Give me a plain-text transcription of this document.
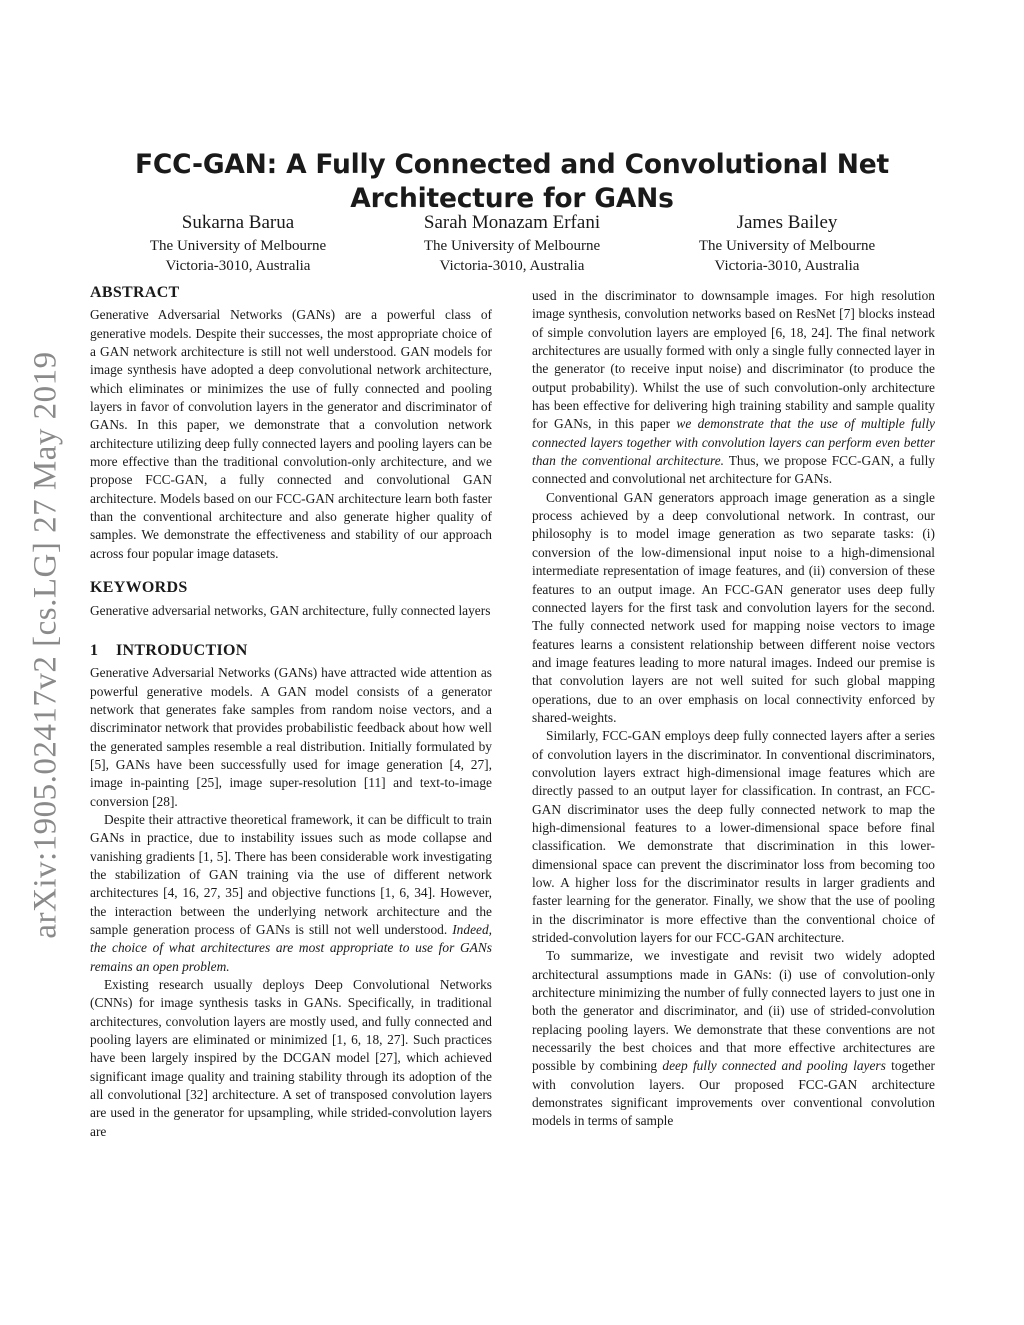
arXiv:1905.02417v2 [cs.LG] 27 May 2019
FCC-GAN: A Fully Connected and Convolutional Net Architecture for GANs
Sukarna Barua
The University of Melbourne
Victoria-3010, Australia
Sarah Monazam Erfani
The University of Melbourne
Victoria-3010, Australia
James Bailey
The University of Melbourne
Victoria-3010, Australia
ABSTRACT

Generative Adversarial Networks (GANs) are a powerful class of generative models. Despite their successes, the most appropriate choice of a GAN network architecture is still not well understood. GAN models for image synthesis have adopted a deep convolutional network architecture, which eliminates or minimizes the use of fully connected and pooling layers in favor of convolution layers in the generator and discriminator of GANs. In this paper, we demonstrate that a convolution network architecture utilizing deep fully connected layers and pooling layers can be more effective than the traditional convolution-only architecture, and we propose FCC-GAN, a fully connected and convolutional GAN architecture. Models based on our FCC-GAN architecture learn both faster than the conventional architecture and also generate higher quality of samples. We demonstrate the effectiveness and stability of our approach across four popular image datasets.

KEYWORDS

Generative adversarial networks, GAN architecture, fully connected layers

1 INTRODUCTION

Generative Adversarial Networks (GANs) have attracted wide attention as powerful generative models. A GAN model consists of a generator network that generates fake samples from random noise vectors, and a discriminator network that provides probabilistic feedback about how well the generated samples resemble a real distribution. Initially formulated by [5], GANs have been successfully used for image generation [4, 27], image in-painting [25], image super-resolution [11] and text-to-image conversion [28].

Despite their attractive theoretical framework, it can be difficult to train GANs in practice, due to instability issues such as mode collapse and vanishing gradients [1, 5]. There has been considerable work investigating the stabilization of GAN training via the use of different network architectures [4, 16, 27, 35] and objective functions [1, 6, 34]. However, the interaction between the underlying network architecture and the sample generation process of GANs is still not well understood. Indeed, the choice of what architectures are most appropriate to use for GANs remains an open problem.

Existing research usually deploys Deep Convolutional Networks (CNNs) for image synthesis tasks in GANs. Specifically, in traditional architectures, convolution layers are mostly used, and fully connected and pooling layers are eliminated or minimized [1, 6, 18, 27]. Such practices have been largely inspired by the DCGAN model [27], which achieved significant image quality and training stability through its adoption of the all convolutional [32] architecture. A set of transposed convolution layers are used in the generator for upsampling, while strided-convolution layers are

used in the discriminator to downsample images. For high resolution image synthesis, convolution networks based on ResNet [7] blocks instead of simple convolution layers are employed [6, 18, 24]. The final network architectures are usually formed with only a single fully connected layer in the generator (to receive input noise) and discriminator (to produce the output probability). Whilst the use of such convolution-only architecture has been effective for delivering high training stability and sample quality for GANs, in this paper we demonstrate that the use of multiple fully connected layers together with convolution layers can perform even better than the conventional architecture. Thus, we propose FCC-GAN, a fully connected and convolutional net architecture for GANs.

Conventional GAN generators approach image generation as a single process achieved by a deep convolutional network. In contrast, our philosophy is to model image generation as two separate tasks: (i) conversion of the low-dimensional input noise to a high-dimensional intermediate representation of image features, and (ii) conversion of these features to an output image. An FCC-GAN generator uses deep fully connected layers for the first task and convolution layers for the second. The fully connected network used for mapping noise vectors to image features learns a consistent relationship between different noise vectors and image features leading to more natural images. Indeed our premise is that convolution layers are not well suited for such global mapping operations, due to an over emphasis on local connectivity enforced by shared-weights.

Similarly, FCC-GAN employs deep fully connected layers after a series of convolution layers in the discriminator. In conventional discriminators, convolution layers extract high-dimensional image features which are directly passed to an output layer for classification. In contrast, an FCC-GAN discriminator uses the deep fully connected network to map the high-dimensional features to a lower-dimensional space before final classification. We demonstrate that discrimination in this lower-dimensional space can prevent the discriminator loss from becoming too low. A higher loss for the discriminator results in larger gradients and faster learning for the generator. Finally, we show that the use of pooling in the discriminator is more effective than the conventional choice of strided-convolution layers for our FCC-GAN architecture.

To summarize, we investigate and revisit two widely adopted architectural assumptions made in GANs: (i) use of convolution-only architecture minimizing the number of fully connected layers to just one in both the generator and discriminator, and (ii) use of strided-convolution replacing pooling layers. We demonstrate that these conventions are not necessarily the best choices and that more effective architectures are possible by combining deep fully connected and pooling layers together with convolution layers. Our proposed FCC-GAN architecture demonstrates significant improvements over conventional convolution models in terms of sample
